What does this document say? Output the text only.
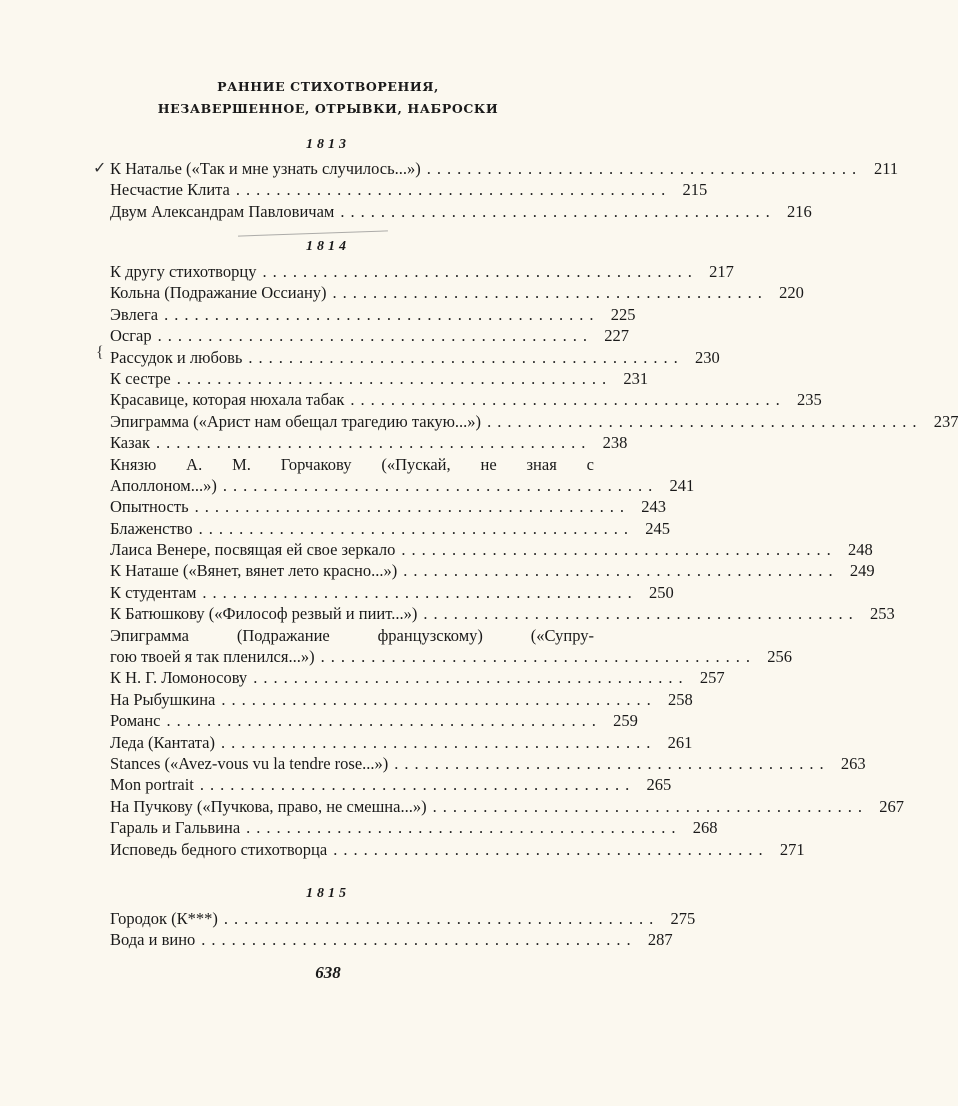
РАННИЕ СТИХОТВОРЕНИЯ,
НЕЗАВЕРШЕННОЕ, ОТРЫВКИ, НАБРОСКИ
1813
✓ К Наталье («Так и мне узнать случилось...») ........................................... 211
Несчастие Клита ........................................... 215
Двум Александрам Павловичам ........................................... 216
1814
{
К другу стихотворцу ........................................... 217
Кольна (Подражание Оссиану) ........................................... 220
Эвлега ........................................... 225
Осгар ........................................... 227
Рассудок и любовь ........................................... 230
К сестре ........................................... 231
Красавице, которая нюхала табак ........................................... 235
Эпиграмма («Арист нам обещал трагедию такую...») ........................................... 237
Казак ........................................... 238
Князю А. М. Горчакову («Пускай, не зная с
Аполлоном...») ........................................... 241
Опытность ........................................... 243
Блаженство ........................................... 245
Лаиса Венере, посвящая ей свое зеркало ........................................... 248
К Наташе («Вянет, вянет лето красно...») ........................................... 249
К студентам ........................................... 250
К Батюшкову («Философ резвый и пиит...») ........................................... 253
Эпиграмма (Подражание французскому) («Супру-
гою твоей я так пленился...») ........................................... 256
К Н. Г. Ломоносову ........................................... 257
На Рыбушкина ........................................... 258
Романс ........................................... 259
Леда (Кантата) ........................................... 261
Stances («Avez-vous vu la tendre rose...») ........................................... 263
Mon portrait ........................................... 265
На Пучкову («Пучкова, право, не смешна...») ........................................... 267
Гараль и Гальвина ........................................... 268
Исповедь бедного стихотворца ........................................... 271
1815
Городок (К***) ........................................... 275
Вода и вино ........................................... 287
638
